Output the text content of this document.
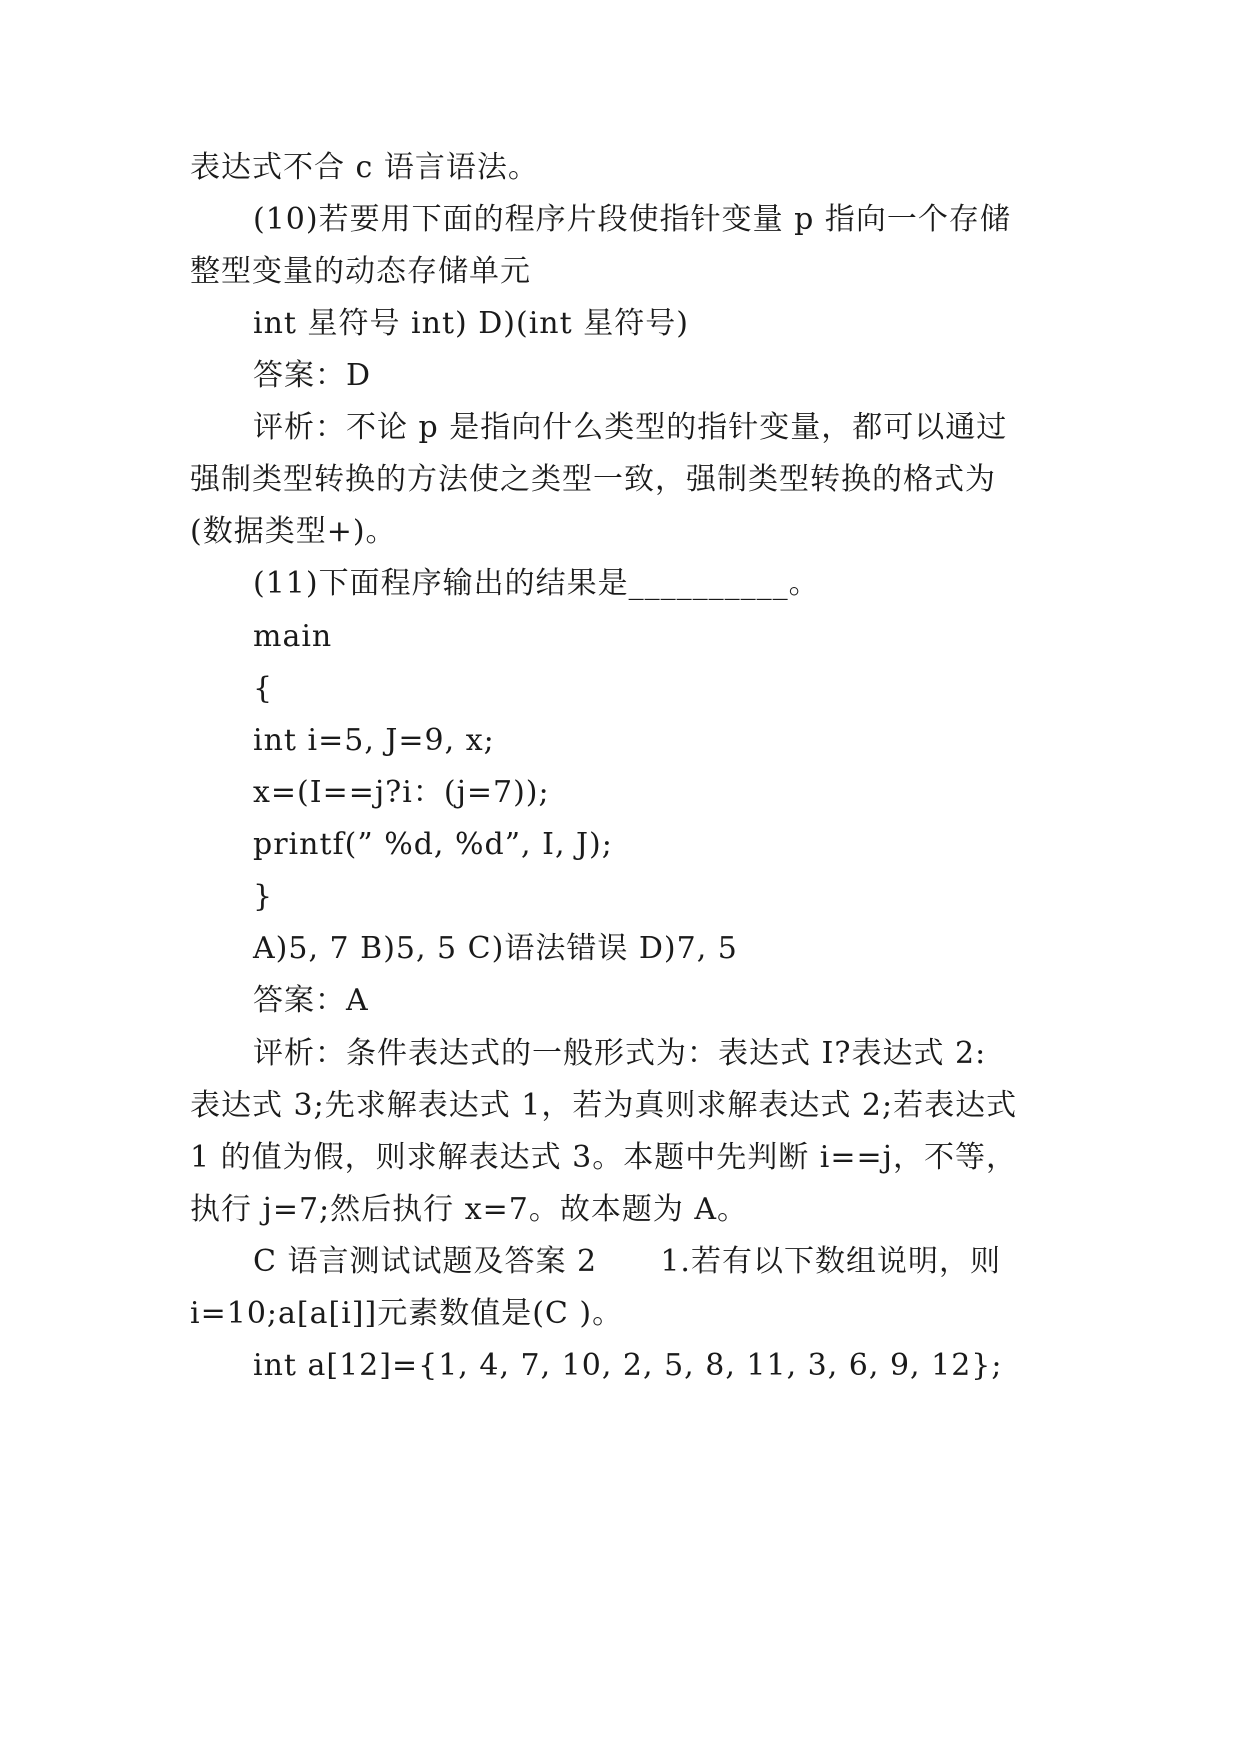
表达式不合 c 语言语法。
(10)若要用下面的程序片段使指针变量 p 指向一个存储
整型变量的动态存储单元
int 星符号 int) D)(int 星符号)
答案：D
评析：不论 p 是指向什么类型的指针变量，都可以通过
强制类型转换的方法使之类型一致，强制类型转换的格式为
(数据类型+)。
(11)下面程序输出的结果是__________。
main
{
int i=5, J=9, x;
x=(I==j?i：(j=7));
printf(” %d, %d”, I, J);
}
A)5, 7 B)5, 5 C)语法错误 D)7, 5
答案：A
评析：条件表达式的一般形式为：表达式 I?表达式 2:
表达式 3;先求解表达式 1，若为真则求解表达式 2;若表达式
1 的值为假，则求解表达式 3。本题中先判断 i==j，不等，
执行 j=7;然后执行 x=7。故本题为 A。
C 语言测试试题及答案 2      1.若有以下数组说明，则
i=10;a[a[i]]元素数值是(C )。
int a[12]={1, 4, 7, 10, 2, 5, 8, 11, 3, 6, 9, 12};
